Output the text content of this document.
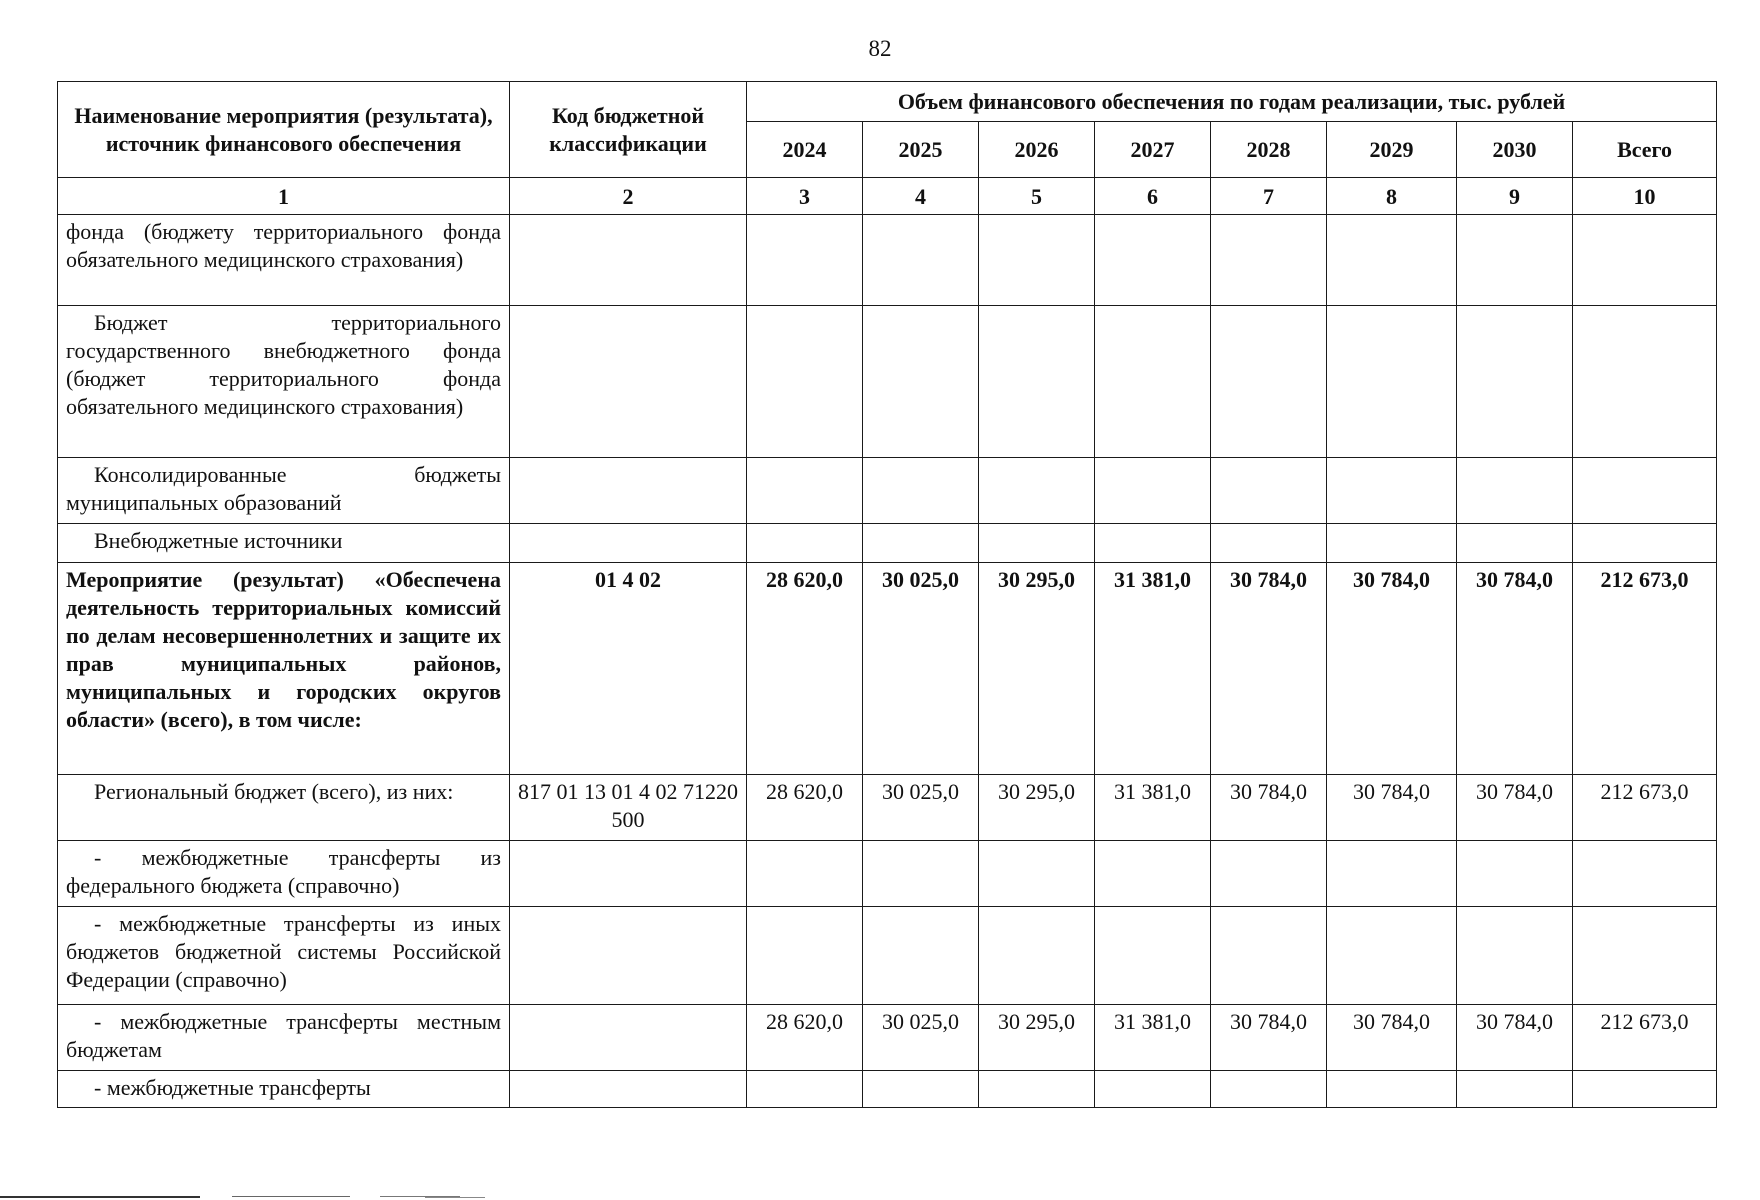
82
Наименование мероприятия (результата), источник финансового обеспечения	Код бюджетной классификации	Объем финансового обеспечения по годам реализации, тыс. рублей							
		2024	2025	2026	2027	2028	2029	2030	Всего
1	2	3	4	5	6	7	8	9	10
фонда (бюджету территориального фонда обязательного медицинского страхования)									
Бюджет территориального государственного внебюджетного фонда (бюджет территориального фонда обязательного медицинского страхования)									
Консолидированные бюджеты муниципальных образований									
Внебюджетные источники									
Мероприятие (результат) «Обеспечена деятельность территориальных комиссий по делам несовершеннолетних и защите их прав муниципальных районов, муниципальных и городских округов области» (всего), в том числе:	01 4 02	28 620,0	30 025,0	30 295,0	31 381,0	30 784,0	30 784,0	30 784,0	212 673,0
Региональный бюджет (всего), из них:	817 01 13 01 4 02 71220 500	28 620,0	30 025,0	30 295,0	31 381,0	30 784,0	30 784,0	30 784,0	212 673,0
- межбюджетные трансферты из федерального бюджета (справочно)									
- межбюджетные трансферты из иных бюджетов бюджетной системы Российской Федерации (справочно)									
- межбюджетные трансферты местным бюджетам		28 620,0	30 025,0	30 295,0	31 381,0	30 784,0	30 784,0	30 784,0	212 673,0
- межбюджетные трансферты									
